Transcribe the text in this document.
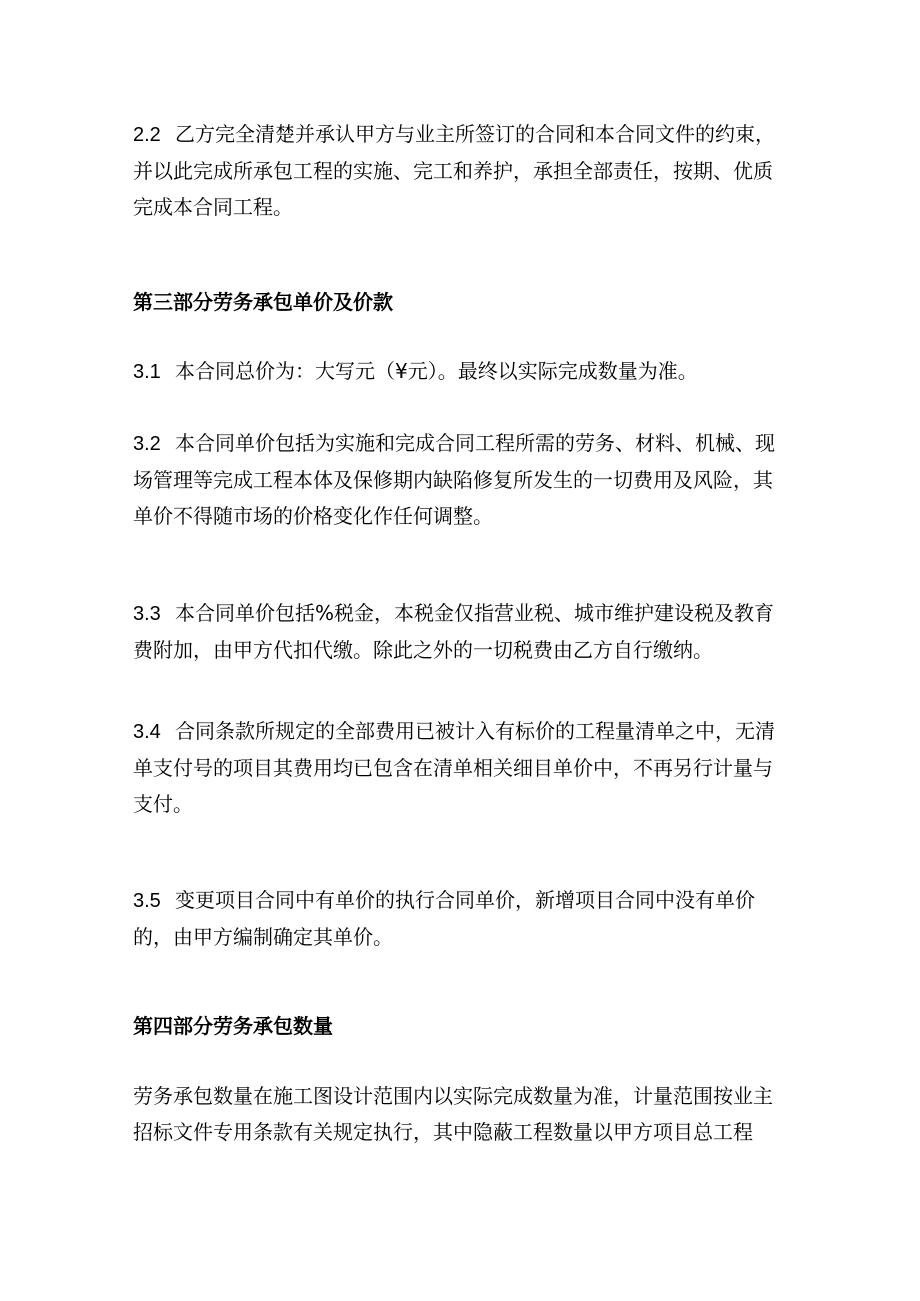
2.2 乙方完全清楚并承认甲方与业主所签订的合同和本合同文件的约束，
并以此完成所承包工程的实施、完工和养护，承担全部责任，按期、优质
完成本合同工程。
第三部分劳务承包单价及价款
3.1 本合同总价为：大写元（¥元）。最终以实际完成数量为准。
3.2 本合同单价包括为实施和完成合同工程所需的劳务、材料、机械、现
场管理等完成工程本体及保修期内缺陷修复所发生的一切费用及风险，其
单价不得随市场的价格变化作任何调整。
3.3 本合同单价包括%税金，本税金仅指营业税、城市维护建设税及教育
费附加，由甲方代扣代缴。除此之外的一切税费由乙方自行缴纳。
3.4 合同条款所规定的全部费用已被计入有标价的工程量清单之中，无清
单支付号的项目其费用均已包含在清单相关细目单价中，不再另行计量与
支付。
3.5 变更项目合同中有单价的执行合同单价，新增项目合同中没有单价
的，由甲方编制确定其单价。
第四部分劳务承包数量
劳务承包数量在施工图设计范围内以实际完成数量为准，计量范围按业主
招标文件专用条款有关规定执行，其中隐蔽工程数量以甲方项目总工程
